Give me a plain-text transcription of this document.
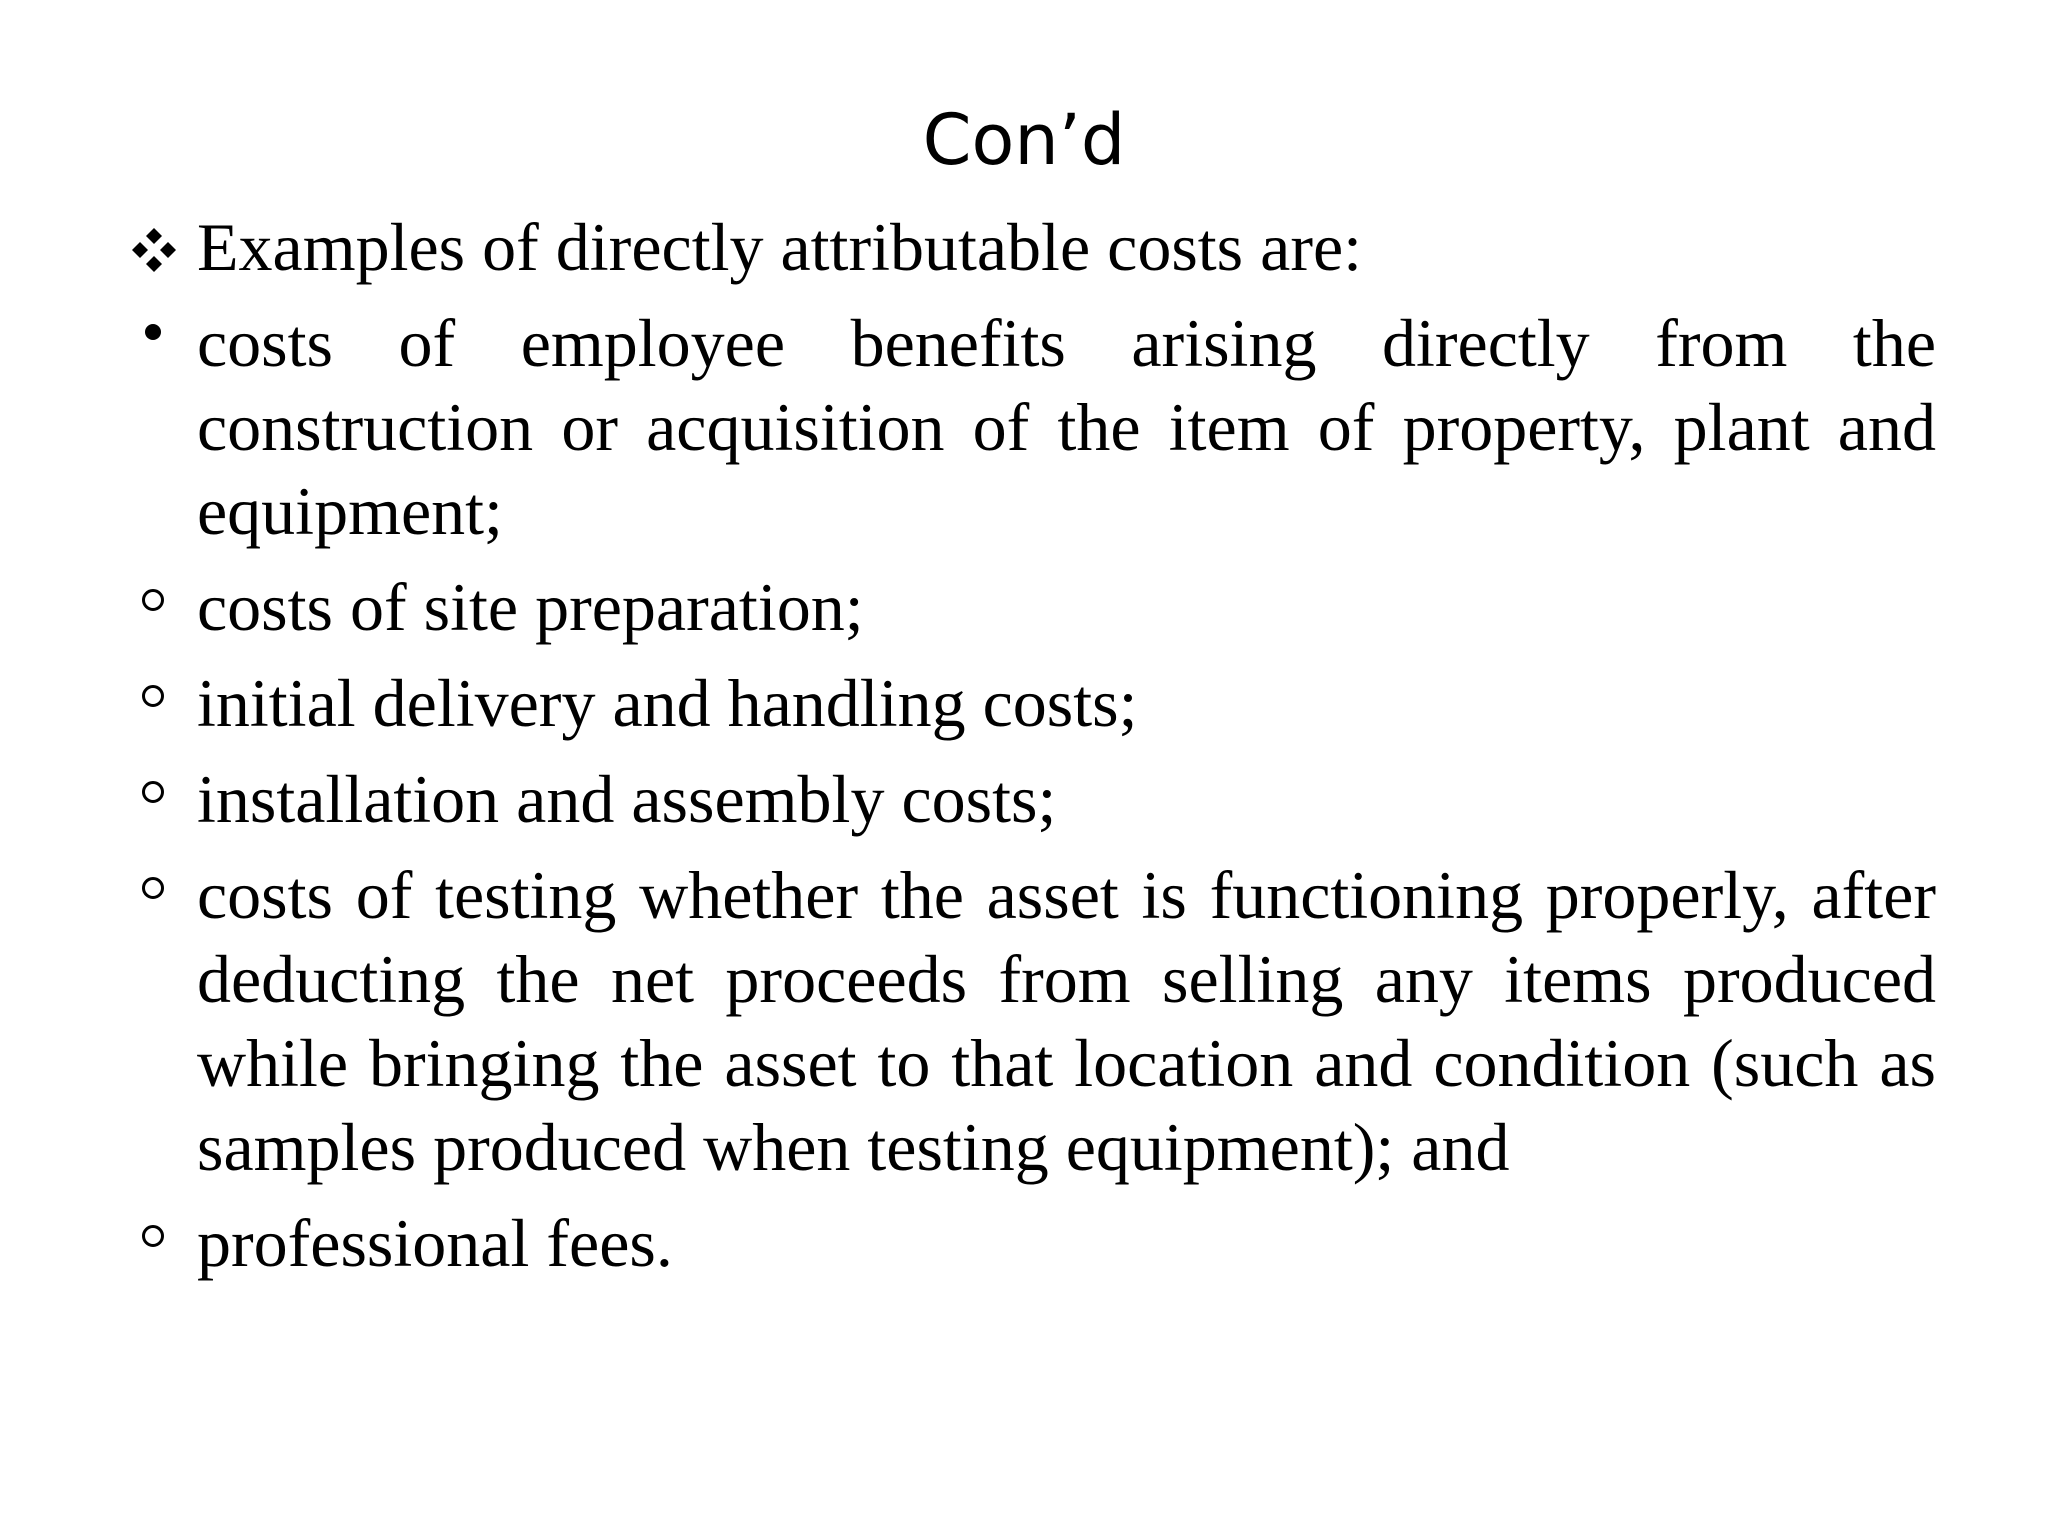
Con’d
Examples of directly attributable costs are:
costs of employee benefits arising directly from the construction or acquisition of the item of property, plant and equipment;
costs of site preparation;
initial delivery and handling costs;
installation and assembly costs;
costs of testing whether the asset is functioning properly, after deducting the net proceeds from selling any items produced while bringing the asset to that location and condition (such as samples produced when testing equipment); and
professional fees.
